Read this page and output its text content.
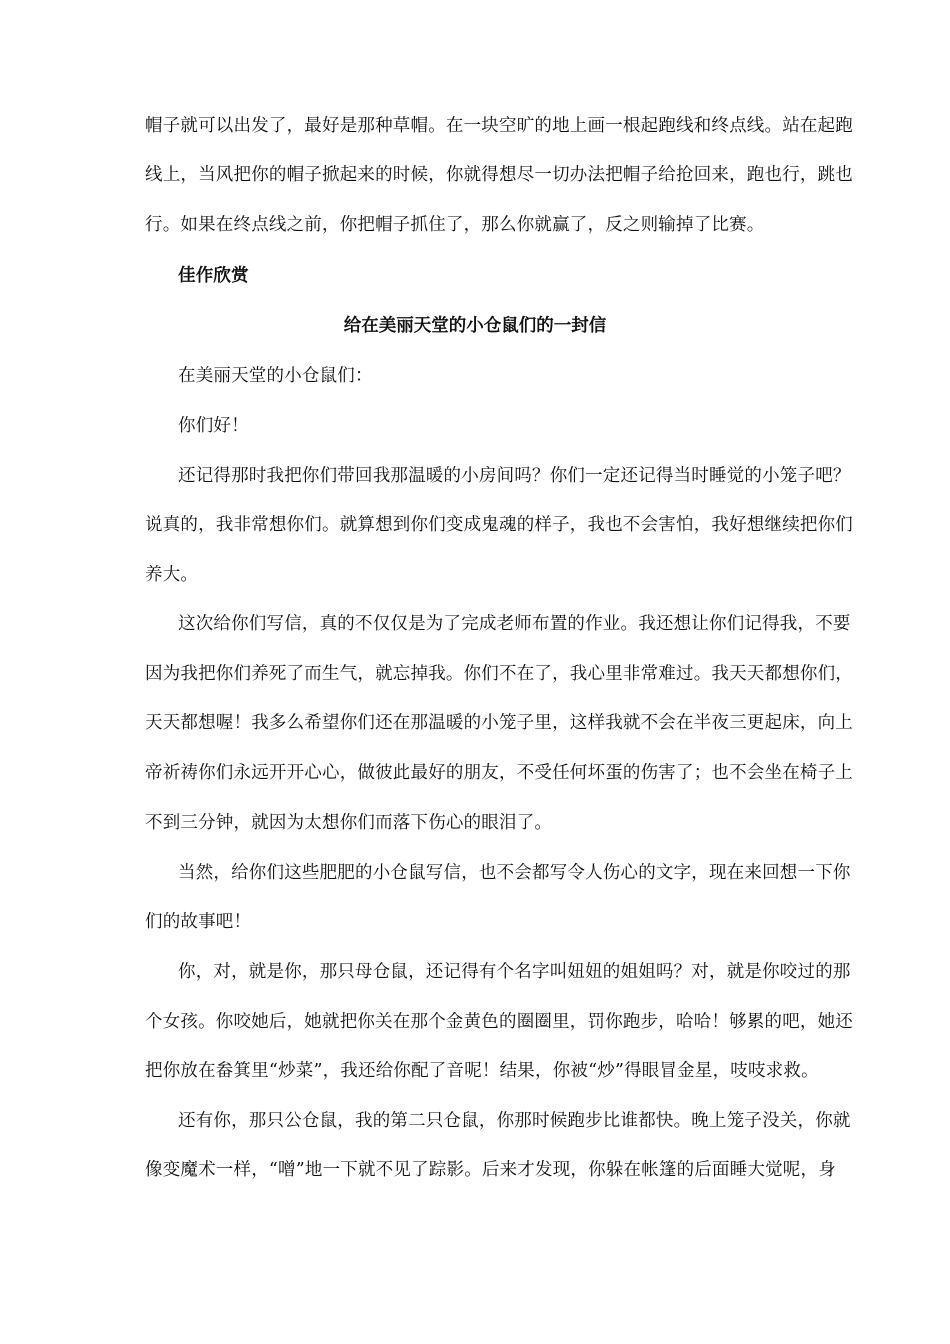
帽子就可以出发了，最好是那种草帽。在一块空旷的地上画一根起跑线和终点线。站在起跑
线上，当风把你的帽子掀起来的时候，你就得想尽一切办法把帽子给抢回来，跑也行，跳也
行。如果在终点线之前，你把帽子抓住了，那么你就赢了，反之则输掉了比赛。
佳作欣赏
给在美丽天堂的小仓鼠们的一封信
在美丽天堂的小仓鼠们：
你们好！
还记得那时我把你们带回我那温暖的小房间吗？你们一定还记得当时睡觉的小笼子吧？
说真的，我非常想你们。就算想到你们变成鬼魂的样子，我也不会害怕，我好想继续把你们
养大。
这次给你们写信，真的不仅仅是为了完成老师布置的作业。我还想让你们记得我，不要
因为我把你们养死了而生气，就忘掉我。你们不在了，我心里非常难过。我天天都想你们，
天天都想喔！我多么希望你们还在那温暖的小笼子里，这样我就不会在半夜三更起床，向上
帝祈祷你们永远开开心心，做彼此最好的朋友，不受任何坏蛋的伤害了；也不会坐在椅子上
不到三分钟，就因为太想你们而落下伤心的眼泪了。
当然，给你们这些肥肥的小仓鼠写信，也不会都写令人伤心的文字，现在来回想一下你
们的故事吧！
你，对，就是你，那只母仓鼠，还记得有个名字叫妞妞的姐姐吗？对，就是你咬过的那
个女孩。你咬她后，她就把你关在那个金黄色的圈圈里，罚你跑步，哈哈！够累的吧，她还
把你放在畚箕里“炒菜”，我还给你配了音呢！结果，你被“炒”得眼冒金星，吱吱求救。
还有你，那只公仓鼠，我的第二只仓鼠，你那时候跑步比谁都快。晚上笼子没关，你就
像变魔术一样，“噌”地一下就不见了踪影。后来才发现，你躲在帐篷的后面睡大觉呢，身
